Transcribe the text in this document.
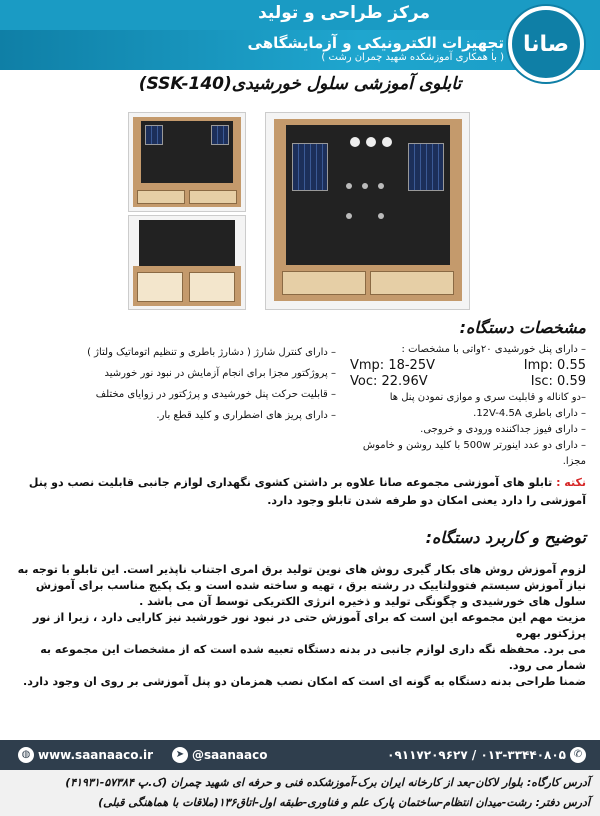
مرکز طراحی و تولید
تجهیزات الکترونیکی و آزمایشگاهی
( با همکاری آموزشکده شهید چمران رشت )
صانا
تابلوی آموزشی سلول خورشیدی(SSK-140)
مشخصات دستگاه:
– دارای پنل خورشیدی ۲۰واتی با مشخصات :
Vmp: 18-25V	Imp: 0.55
Voc: 22.96V	Isc: 0.59
–دو کاناله و قابلیت سری و موازی نمودن پنل ها
– دارای باطری 12V-4.5A.
– دارای فیوز جداکننده ورودی و خروجی.
– دارای دو عدد اینورتر 500w با کلید روشن و خاموش مجزا.
– دارای کنترل شارژ ( دشارژ باطری و تنظیم اتوماتیک ولتاژ )
– پروژکتور مجزا برای انجام آزمایش در نبود نور خورشید
– قابلیت حرکت پنل خورشیدی و پرژکتور در زوایای مختلف
– دارای پریز های اضطراری و کلید قطع بار.
نکته : تابلو های آموزشی مجموعه صانا علاوه بر داشتن کشوی نگهداری لوازم جانبی قابلیت نصب دو پنل آموزشی را دارد یعنی امکان دو طرفه شدن تابلو وجود دارد.
توضیح و کاربرد دستگاه:
لزوم آموزش روش های بکار گیری روش های نوین تولید برق امری اجتناب ناپذیر است. این تابلو با توجه به نیاز آموزش سیستم فتوولتاییک در رشته برق ، تهیه و ساخته شده است و یک پکیج مناسب برای آموزش سلول های خورشیدی و چگونگی تولید و ذخیره انرژی الکتریکی توسط آن می باشد .
مزیت مهم این مجموعه این است که برای آموزش حتی در نبود نور خورشید نیز کارایی دارد ، زیرا از نور پرژکتور بهره
می برد. محفظه نگه داری لوازم جانبی در بدنه دستگاه تعبیه شده است که از مشخصات این مجموعه به شمار می رود.
ضمنا طراحی بدنه دستگاه به گونه ای است که امکان نصب همزمان دو پنل آموزشی بر روی ان وجود دارد.
◍ www.saanaaco.ir	➤ @saanaaco	✆
۰۱۳-۳۳۴۴۰۸۰۵ / ۰۹۱۱۷۲۰۹۶۲۷
آدرس کارگاه: بلوار لاکان-بعد از کارخانه ایران برک-آموزشکده فنی و حرفه ای شهید چمران (ک.پ ۵۷۳۸۴-۴۱۹۳۱)
آدرس دفتر: رشت-میدان انتظام-ساختمان پارک علم و فناوری-طبقه اول-اتاق۱۳۶(ملاقات با هماهنگی قبلی)
